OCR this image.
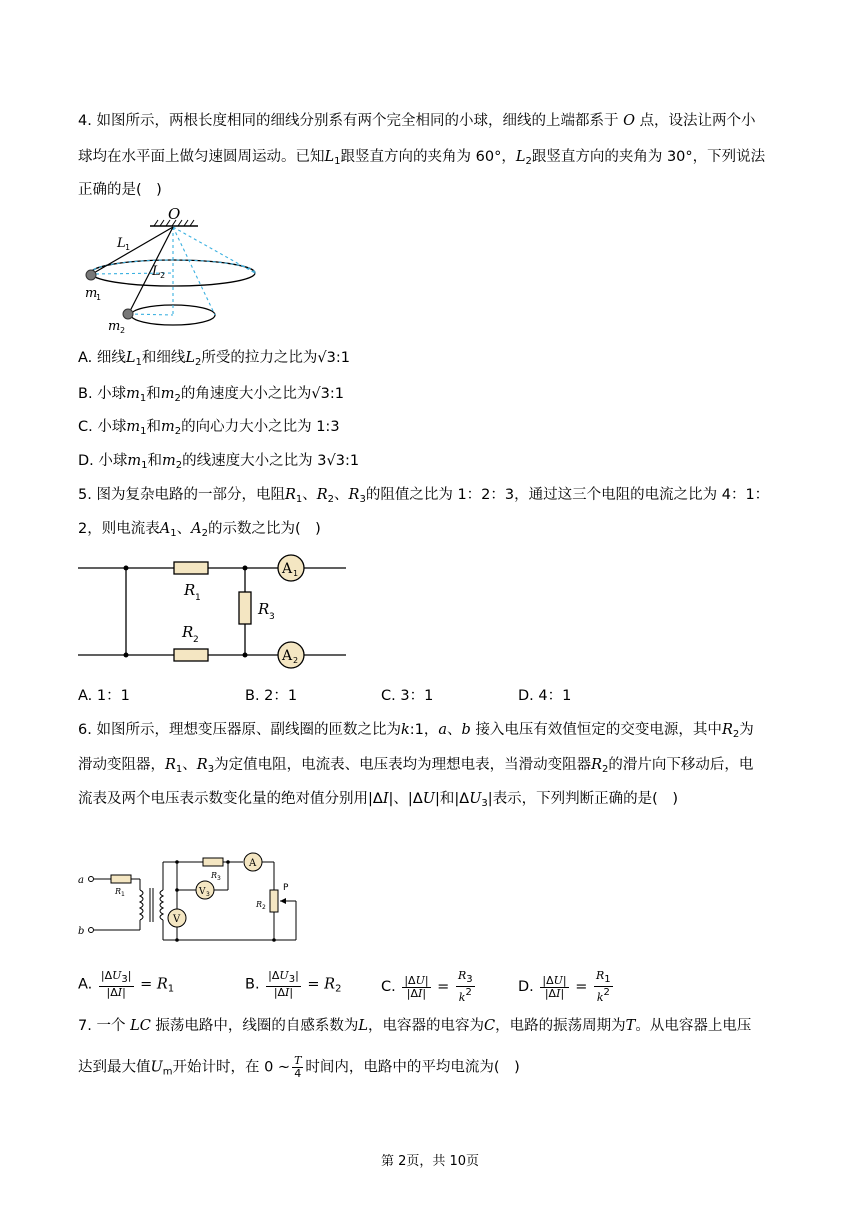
4. 如图所示，两根长度相同的细线分别系有两个完全相同的小球，细线的上端都系于 O 点，设法让两个小
球均在水平面上做匀速圆周运动。已知$L_1$跟竖直方向的夹角为 60°，$L_2$跟竖直方向的夹角为 30°，下列说法
正确的是(　)
O
L 1
L 2
m
1
m 2
A. 细线$L_1$和细线$L_2$所受的拉力之比为√3:1
B. 小球$m_1$和$m_2$的角速度大小之比为√3:1
C. 小球$m_1$和$m_2$的向心力大小之比为 1:3
D. 小球$m_1$和$m_2$的线速度大小之比为 3√3:1
5. 图为复杂电路的一部分，电阻$R_1$、$R_2$、$R_3$的阻值之比为 1：2：3，通过这三个电阻的电流之比为 4：1：
2，则电流表$A_1$、$A_2$的示数之比为(　)
A 1
A 2
R 1
R 2
R 3
A. 1：1	B. 2：1	C. 3：1	D. 4：1
6. 如图所示，理想变压器原、副线圈的匝数之比为k:1，a、b 接入电压有效值恒定的交变电源，其中$R_2$为
滑动变阻器，$R_1$、$R_3$为定值电阻，电流表、电压表均为理想电表，当滑动变阻器$R_2$的滑片向下移动后，电
流表及两个电压表示数变化量的绝对值分别用|ΔI|、|ΔU|和$|\Delta U_3|$表示，下列判断正确的是(　)
a
b
R 1
R 3
R 2
P
A
V
V 3
A. $\frac{|\Delta U_3|}{|\Delta I|} = R_1$	B. $\frac{|\Delta U_3|}{|\Delta I|} = R_2$	C. $\frac{|\Delta U|}{|\Delta I|} = \frac{R_3}{k^2}$	D. $\frac{|\Delta U|}{|\Delta I|} = \frac{R_1}{k^2}$
7. 一个 LC 振荡电路中，线圈的自感系数为L，电容器的电容为C，电路的振荡周期为T。从电容器上电压
达到最大值$U_m$开始计时，在 0 ~ $\frac{T}{4}$ 时间内，电路中的平均电流为(　)
第 2页，共 10页
